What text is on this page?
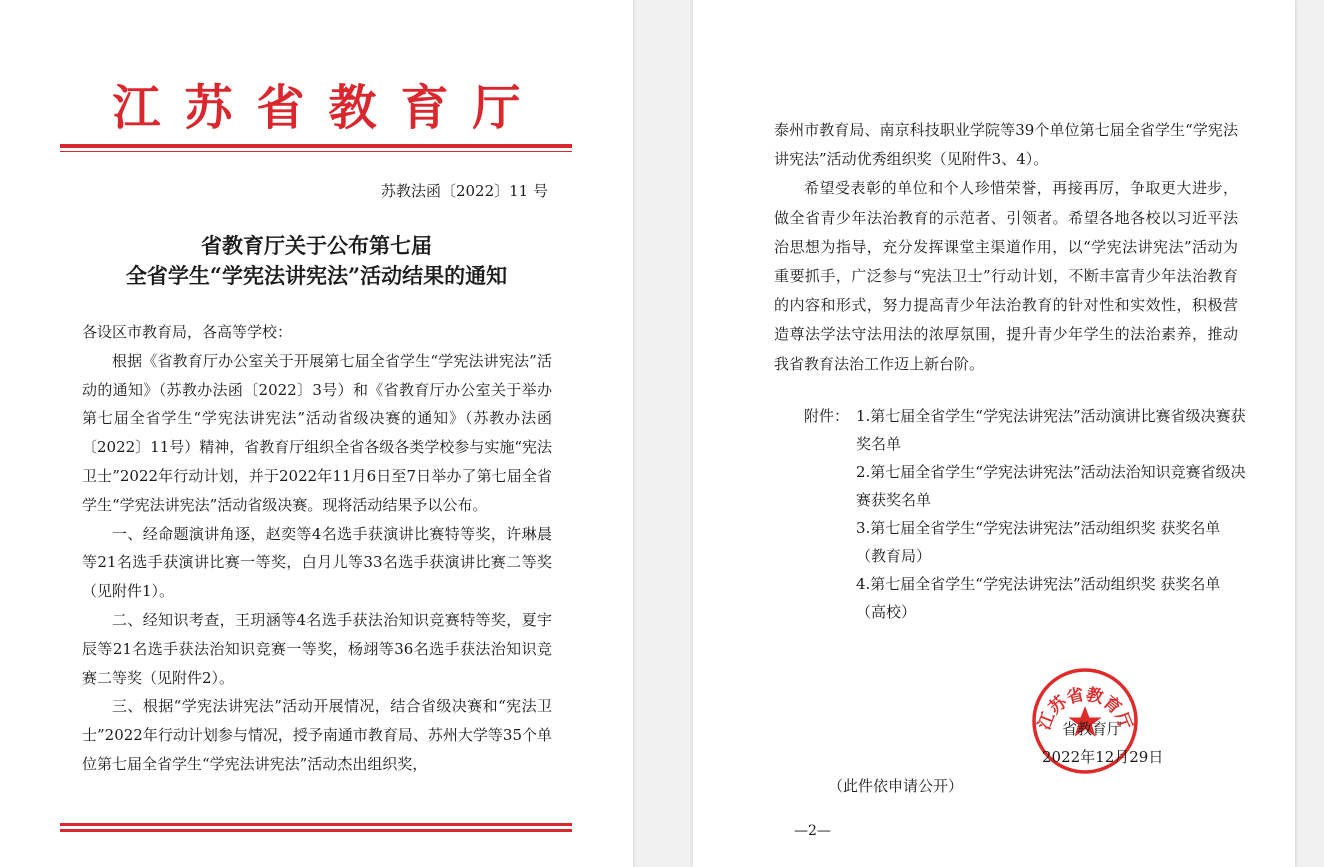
江苏省教育厅
苏教法函〔2022〕11 号
省教育厅关于公布第七届
全省学生“学宪法讲宪法”活动结果的通知

各设区市教育局，各高等学校：

根据《省教育厅办公室关于开展第七届全省学生“学宪法讲宪法”活动的通知》（苏教办法函〔2022〕3号）和《省教育厅办公室关于举办第七届全省学生“学宪法讲宪法”活动省级决赛的通知》（苏教办法函〔2022〕11号）精神，省教育厅组织全省各级各类学校参与实施“宪法卫士”2022年行动计划，并于2022年11月6日至7日举办了第七届全省学生“学宪法讲宪法”活动省级决赛。现将活动结果予以公布。

一、经命题演讲角逐，赵奕等4名选手获演讲比赛特等奖，许琳晨等21名选手获演讲比赛一等奖，白月儿等33名选手获演讲比赛二等奖（见附件1）。

二、经知识考查，王玥涵等4名选手获法治知识竞赛特等奖，夏宇辰等21名选手获法治知识竞赛一等奖，杨翊等36名选手获法治知识竞赛二等奖（见附件2）。

三、根据“学宪法讲宪法”活动开展情况，结合省级决赛和“宪法卫士”2022年行动计划参与情况，授予南通市教育局、苏州大学等35个单位第七届全省学生“学宪法讲宪法”活动杰出组织奖，

泰州市教育局、南京科技职业学院等39个单位第七届全省学生“学宪法讲宪法”活动优秀组织奖（见附件3、4）。

希望受表彰的单位和个人珍惜荣誉，再接再厉，争取更大进步，做全省青少年法治教育的示范者、引领者。希望各地各校以习近平法治思想为指导，充分发挥课堂主渠道作用，以“学宪法讲宪法”活动为重要抓手，广泛参与“宪法卫士”行动计划，不断丰富青少年法治教育的内容和形式，努力提高青少年法治教育的针对性和实效性，积极营造尊法学法守法用法的浓厚氛围，提升青少年学生的法治素养，推动我省教育法治工作迈上新台阶。

附件： 1.第七届全省学生“学宪法讲宪法”活动演讲比赛省级决赛获奖名单
2.第七届全省学生“学宪法讲宪法”活动法治知识竞赛省级决赛获奖名单
3.第七届全省学生“学宪法讲宪法”活动组织奖 获奖名单（教育局）
4.第七届全省学生“学宪法讲宪法”活动组织奖 获奖名单（高校）
江苏省教育厅
省教育厅
2022年12月29日
（此件依申请公开）
—2—
